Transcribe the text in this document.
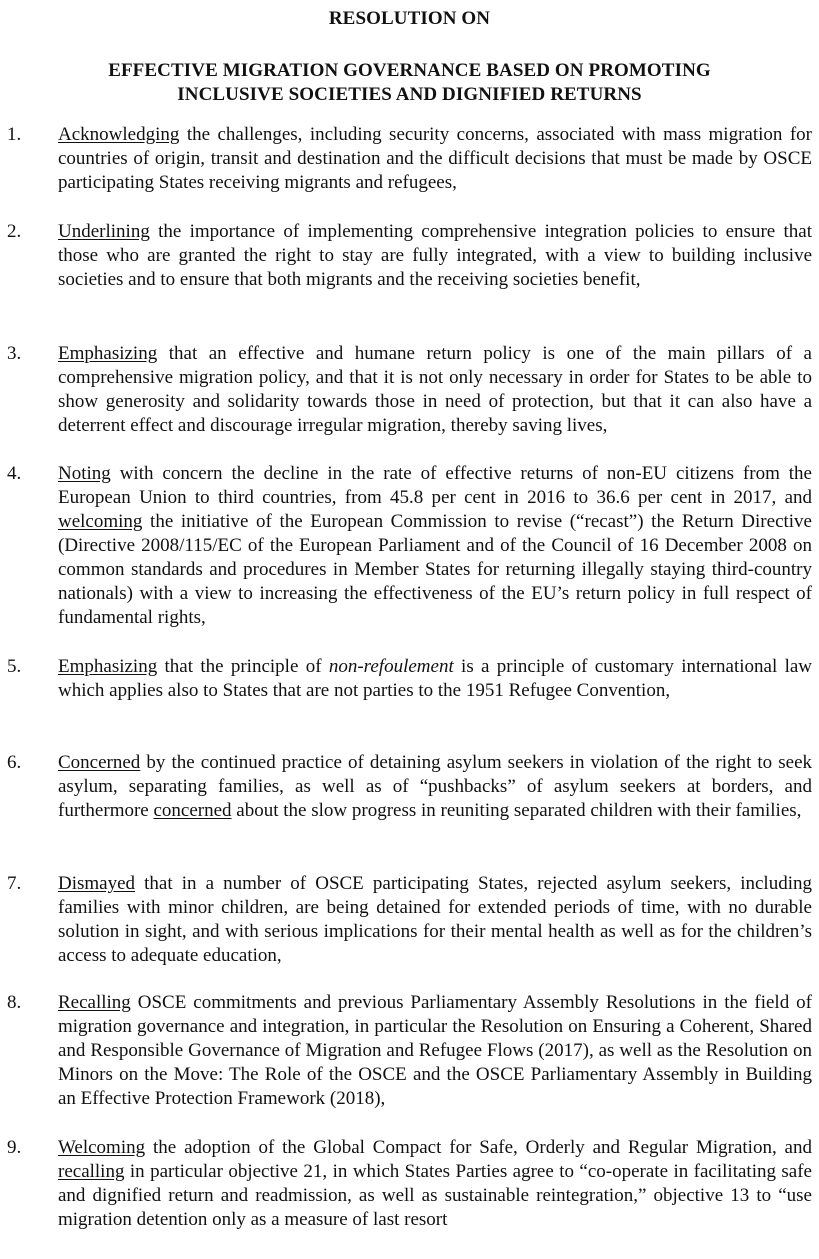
RESOLUTION ON
EFFECTIVE MIGRATION GOVERNANCE BASED ON PROMOTING
INCLUSIVE SOCIETIES AND DIGNIFIED RETURNS
1. Acknowledging the challenges, including security concerns, associated with mass migration for countries of origin, transit and destination and the difficult decisions that must be made by OSCE participating States receiving migrants and refugees,

2. Underlining the importance of implementing comprehensive integration policies to ensure that those who are granted the right to stay are fully integrated, with a view to building inclusive societies and to ensure that both migrants and the receiving societies benefit,

3. Emphasizing that an effective and humane return policy is one of the main pillars of a comprehensive migration policy, and that it is not only necessary in order for States to be able to show generosity and solidarity towards those in need of protection, but that it can also have a deterrent effect and discourage irregular migration, thereby saving lives,

4. Noting with concern the decline in the rate of effective returns of non-EU citizens from the European Union to third countries, from 45.8 per cent in 2016 to 36.6 per cent in 2017, and welcoming the initiative of the European Commission to revise (“recast”) the Return Directive (Directive 2008/115/EC of the European Parliament and of the Council of 16 December 2008 on common standards and procedures in Member States for returning illegally staying third-country nationals) with a view to increasing the effectiveness of the EU’s return policy in full respect of fundamental rights,

5. Emphasizing that the principle of non-refoulement is a principle of customary international law which applies also to States that are not parties to the 1951 Refugee Convention,

6. Concerned by the continued practice of detaining asylum seekers in violation of the right to seek asylum, separating families, as well as of “pushbacks” of asylum seekers at borders, and furthermore concerned about the slow progress in reuniting separated children with their families,

7. Dismayed that in a number of OSCE participating States, rejected asylum seekers, including families with minor children, are being detained for extended periods of time, with no durable solution in sight, and with serious implications for their mental health as well as for the children’s access to adequate education,

8. Recalling OSCE commitments and previous Parliamentary Assembly Resolutions in the field of migration governance and integration, in particular the Resolution on Ensuring a Coherent, Shared and Responsible Governance of Migration and Refugee Flows (2017), as well as the Resolution on Minors on the Move: The Role of the OSCE and the OSCE Parliamentary Assembly in Building an Effective Protection Framework (2018),

9. Welcoming the adoption of the Global Compact for Safe, Orderly and Regular Migration, and recalling in particular objective 21, in which States Parties agree to “co-operate in facilitating safe and dignified return and readmission, as well as sustainable reintegration,” objective 13 to “use migration detention only as a measure of last resort
